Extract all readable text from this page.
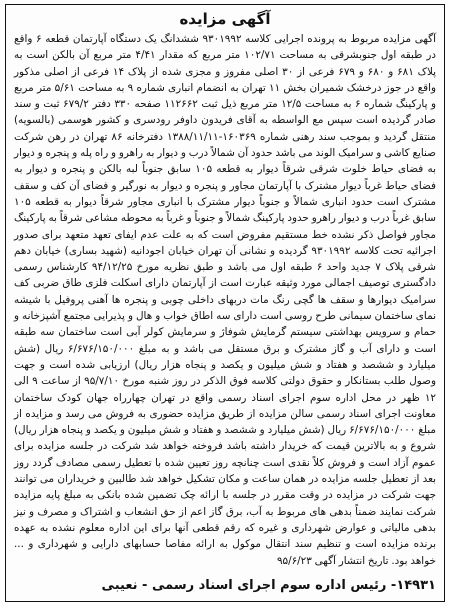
آگهی مزایده

آگهی مزایده مربوط به پرونده اجرایی کلاسه ۹۳۰۱۹۹۲ ششدانگ یک دستگاه آپارتمان قطعه ۶ واقع در طبقه اول جنوبشرقی به مساحت ۱۰۲/۷۱ متر مربع که مقدار ۴/۴۱ متر مربع آن بالکن است به پلاک ۶۸۱ و ۶۸۰ و ۶۷۹ فرعی از ۳۰ اصلی مفروز و مجزی شده از پلاک ۱۴ فرعی از اصلی مذکور واقع در جوز درخشک شمیران بخش ۱۱ تهران به انضمام انباری شماره ۹ به مساحت ۵/۶۱ متر مربع و پارکینگ شماره ۶ به مساحت ۱۲/۵ متر مربع ذیل ثبت ۱۱۲۶۶۲ صفحه ۳۳۰ دفتر ۶۷۹/۲ ثبت و سند صادر گردیده است سپس مع الواسطه به آقای فریدون داوفر رودسری و کشور هوسمی (بالسویه) منتقل گردید و بموجب سند رهنی شماره ۱۶۰۳۶۹-۱۳۸۸/۱۱/۱۱ دفترخانه ۸۶ تهران در رهن شرکت صنایع کاشی و سرامیک الوند می باشد حدود آن شمالاً درب و دیوار به راهرو و راه پله و پنجره و دیوار به فضای حیاط خلوت شرقی شرقاً دیوار به قطعه ۱۰۵ سابق جنوباً لبه بالکن و پنجره و دیوار به فضای حیاط غرباً دیوار مشترک با آپارتمان مجاور و پنجره و دیوار به نورگیر و فضای آن کف و سقف مشترک است حدود انباری شمالاً و جنوباً دیوار مشترک با انباری مجاور شرقاً دیوار به قطعه ۱۰۵ سابق غرباً درب و دیوار راهرو حدود پارکینگ شمالاً و جنوباً و غرباً به محوطه مشاعی شرقاً به پارکینگ مجاور فواصل ذکر نشده خط مستقیم مفروض است که به علت عدم ایفای تعهد متعهد برای صدور اجرائیه تحت کلاسه ۹۳۰۱۹۹۲ گردیده و نشانی آن تهران خیابان اجودانیه (شهید بساری) خیابان دهم شرقی پلاک ۷ جدید واحد ۶ طبقه اول می باشد و طبق نظریه مورخ ۹۴/۱۲/۲۵ کارشناس رسمی دادگستری توصیف اجمالی مورد وثیقه عبارت است از آپارتمان دارای اسکلت فلزی طاق ضربی کف سرامیک دیوارها و سقف ها گچی رنگ مات دربهای داخلی چوبی و پنجره ها آهنی پروفیل با شیشه نمای ساختمان سیمانی طرح روسی است دارای سه اطاق خواب و هال و پذیرایی مجتمع آشپزخانه و حمام و سرویس بهداشتی سیستم گرمایش شوفاژ و سرمایش کولر آبی است ساختمان سه طبقه است و دارای آب و گاز مشترک و برق مستقل می باشد و به مبلغ ۶/۶۷۶/۱۵۰/۰۰۰ ریال (شش میلیارد و ششصد و هفتاد و شش میلیون و یکصد و پنجاه هزار ریال) ارزیابی شده است و جهت وصول طلب بستانکار و حقوق دولتی کلاسه فوق الذکر در روز شنبه مورخ ۹۵/۷/۱۰ از ساعت ۹ الی ۱۲ ظهر در محل اداره سوم اجرای اسناد رسمی واقع در تهران چهارراه جهان کودک ساختمان معاونت اجرای اسناد رسمی سالن مزایده از طریق مزایده حضوری به فروش می رسد و مزایده از مبلغ ۶/۶۷۶/۱۵۰/۰۰۰ ریال (شش میلیارد و ششصد و هفتاد و شش میلیون و یکصد و پنجاه هزار ریال) شروع و به بالاترین قیمت که خریدار داشته باشد فروخته خواهد شد شرکت در جلسه مزایده برای عموم آزاد است و فروش کلاً نقدی است چنانچه روز تعیین شده با تعطیل رسمی مصادف گردد روز بعد از تعطیل جلسه مزایده در همان ساعت و مکان تشکیل خواهد شد طالبین و خریداران می توانند جهت شرکت در مزایده در وقت مقرر در جلسه با ارائه چک تضمین شده بانکی به مبلغ پایه مزایده شرکت نمایند ضمناً بدهی های مربوط به آب، برق گاز اعم از حق انشعاب و اشتراک و مصرف و نیز بدهی مالیاتی و عوارض شهرداری و غیره که رقم قطعی آنها برای این اداره معلوم نشده به عهده برنده مزایده است و تنظیم سند انتقال موکول به ارائه مفاصا حسابهای دارایی و شهرداری و ... خواهد بود. تاریخ انتشار آگهی ۹۵/۶/۲۳

۱۴۹۳۱- رئیس اداره سوم اجرای اسناد رسمی - نعیبی
